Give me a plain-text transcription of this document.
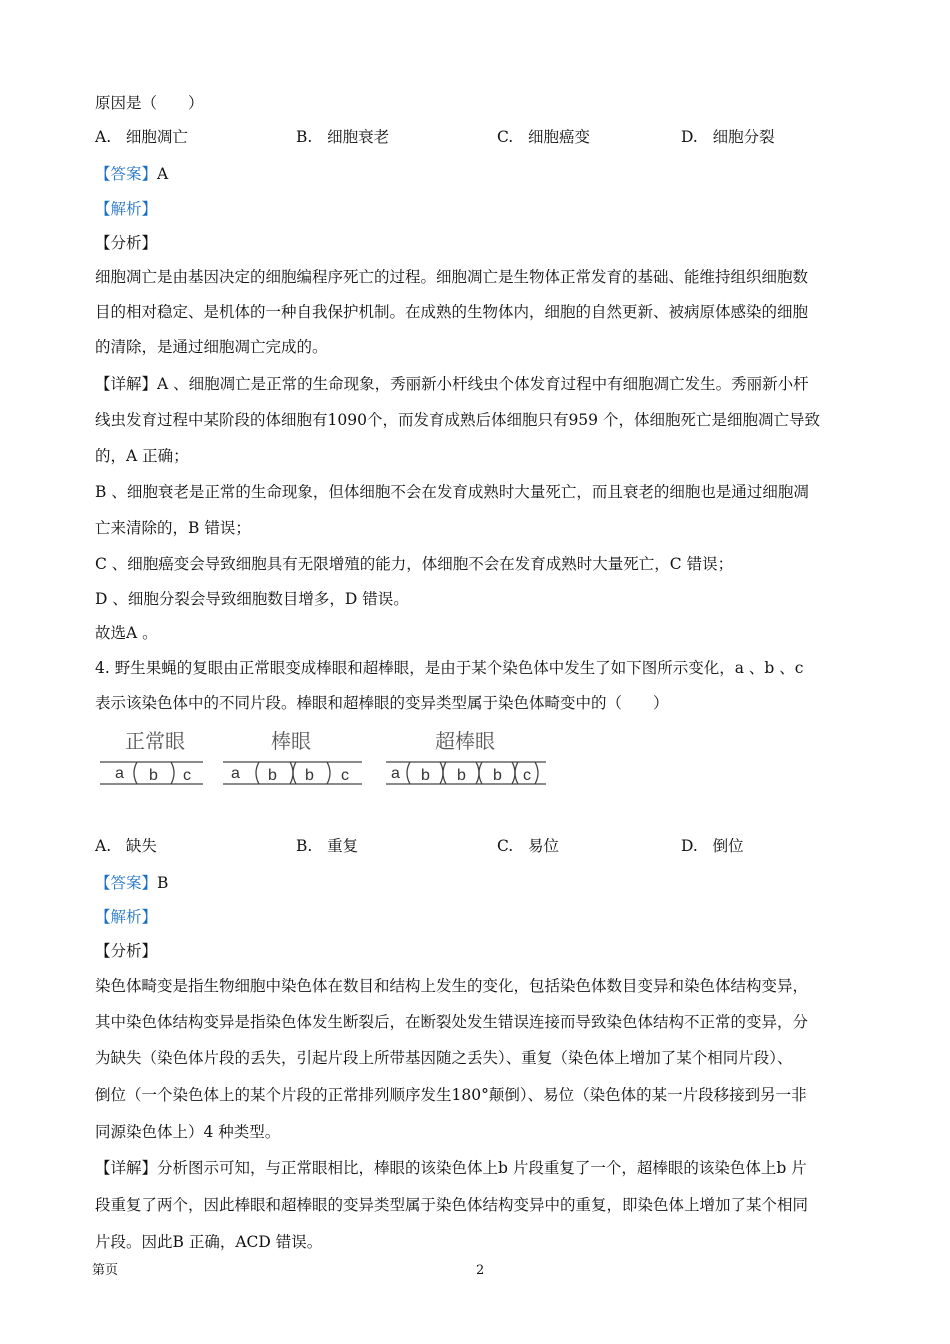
原因是（　　）
A. 细胞凋亡	B. 细胞衰老	C. 细胞癌变	D. 细胞分裂
【答案】A
【解析】
【分析】
细胞凋亡是由基因决定的细胞编程序死亡的过程。细胞凋亡是生物体正常发育的基础、能维持组织细胞数
目的相对稳定、是机体的一种自我保护机制。在成熟的生物体内，细胞的自然更新、被病原体感染的细胞
的清除，是通过细胞凋亡完成的。
【详解】A 、细胞凋亡是正常的生命现象，秀丽新小杆线虫个体发育过程中有细胞凋亡发生。秀丽新小杆
线虫发育过程中某阶段的体细胞有1090个，而发育成熟后体细胞只有959 个，体细胞死亡是细胞凋亡导致
的，A 正确；
B 、细胞衰老是正常的生命现象，但体细胞不会在发育成熟时大量死亡，而且衰老的细胞也是通过细胞凋
亡来清除的，B 错误；
C 、细胞癌变会导致细胞具有无限增殖的能力，体细胞不会在发育成熟时大量死亡，C 错误；
D 、细胞分裂会导致细胞数目增多，D 错误。
故选A 。
4. 野生果蝇的复眼由正常眼变成棒眼和超棒眼，是由于某个染色体中发生了如下图所示变化，a 、b 、c
表示该染色体中的不同片段。棒眼和超棒眼的变异类型属于染色体畸变中的（　　）
正常眼	棒眼	超棒眼
a b c	a b b c	a b b b c
A. 缺失	B. 重复	C. 易位	D. 倒位
【答案】B
【解析】
【分析】
染色体畸变是指生物细胞中染色体在数目和结构上发生的变化，包括染色体数目变异和染色体结构变异，
其中染色体结构变异是指染色体发生断裂后，在断裂处发生错误连接而导致染色体结构不正常的变异，分
为缺失（染色体片段的丢失，引起片段上所带基因随之丢失）、重复（染色体上增加了某个相同片段）、
倒位（一个染色体上的某个片段的正常排列顺序发生180°颠倒）、易位（染色体的某一片段移接到另一非
同源染色体上）4 种类型。
【详解】分析图示可知，与正常眼相比，棒眼的该染色体上b 片段重复了一个，超棒眼的该染色体上b 片
段重复了两个，因此棒眼和超棒眼的变异类型属于染色体结构变异中的重复，即染色体上增加了某个相同
片段。因此B 正确，ACD 错误。
第页	2
